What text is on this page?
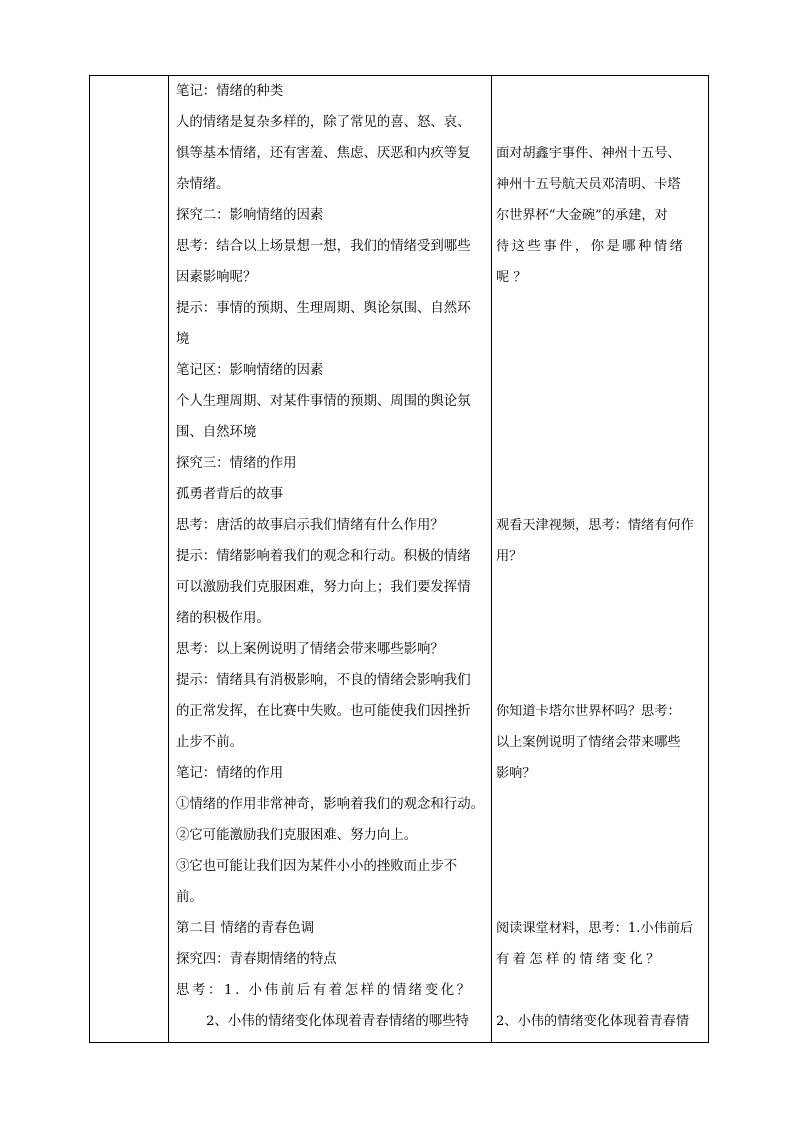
笔记：情绪的种类
人的情绪是复杂多样的，除了常见的喜、怒、哀、
惧等基本情绪，还有害羞、焦虑、厌恶和内疚等复
杂情绪。
探究二：影响情绪的因素
思考：结合以上场景想一想，我们的情绪受到哪些
因素影响呢？
提示：事情的预期、生理周期、舆论氛围、自然环
境
笔记区：影响情绪的因素
个人生理周期、对某件事情的预期、周围的舆论氛
围、自然环境
探究三：情绪的作用
孤勇者背后的故事
思考：唐活的故事启示我们情绪有什么作用？
提示：情绪影响着我们的观念和行动。积极的情绪
可以激励我们克服困难，努力向上；我们要发挥情
绪的积极作用。
思考：以上案例说明了情绪会带来哪些影响？
提示：情绪具有消极影响，不良的情绪会影响我们
的正常发挥，在比赛中失败。也可能使我们因挫折
止步不前。
笔记：情绪的作用
①情绪的作用非常神奇，影响着我们的观念和行动。
②它可能激励我们克服困难、努力向上。
③它也可能让我们因为某件小小的挫败而止步不
前。
第二目 情绪的青春色调
探究四：青春期情绪的特点
思考：1. 小伟前后有着怎样的情绪变化？
2、小伟的情绪变化体现着青春情绪的哪些特
面对胡鑫宇事件、神州十五号、
神州十五号航天员邓清明、卡塔
尔世界杯“大金碗”的承建，对
待这些事件，你是哪种情绪
呢 ？
观看天津视频，思考：情绪有何作
用？
你知道卡塔尔世界杯吗？思考：
以上案例说明了情绪会带来哪些
影响？
阅读课堂材料，思考：1.小伟前后
有着怎样的情绪变化？
2、小伟的情绪变化体现着青春情
